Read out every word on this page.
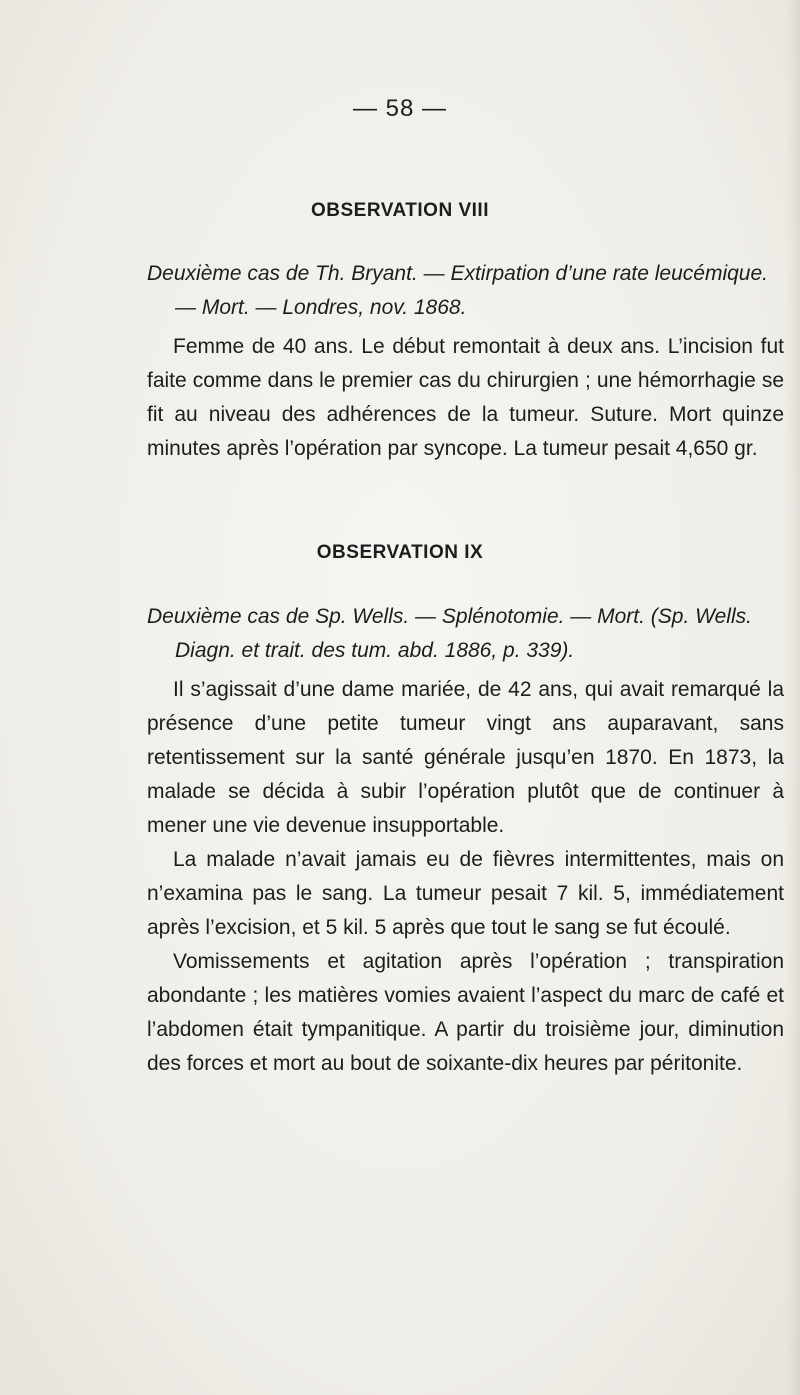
— 58 —
OBSERVATION VIII
Deuxième cas de Th. Bryant. — Extirpation d’une rate leucémique.
— Mort. — Londres, nov. 1868.

Femme de 40 ans. Le début remontait à deux ans. L’incision fut faite comme dans le premier cas du chirurgien ; une hémorrhagie se fit au niveau des adhérences de la tumeur. Suture. Mort quinze minutes après l’opération par syncope. La tumeur pesait 4,650 gr.

OBSERVATION IX
Deuxième cas de Sp. Wells. — Splénotomie. — Mort. (Sp. Wells.
Diagn. et trait. des tum. abd. 1886, p. 339).

Il s’agissait d’une dame mariée, de 42 ans, qui avait remarqué la présence d’une petite tumeur vingt ans auparavant, sans retentissement sur la santé générale jusqu’en 1870. En 1873, la malade se décida à subir l’opération plutôt que de continuer à mener une vie devenue insupportable.

La malade n’avait jamais eu de fièvres intermittentes, mais on n’examina pas le sang. La tumeur pesait 7 kil. 5, immédiatement après l’excision, et 5 kil. 5 après que tout le sang se fut écoulé.

Vomissements et agitation après l’opération ; transpiration abondante ; les matières vomies avaient l’aspect du marc de café et l’abdomen était tympanitique. A partir du troisième jour, diminution des forces et mort au bout de soixante-dix heures par péritonite.
